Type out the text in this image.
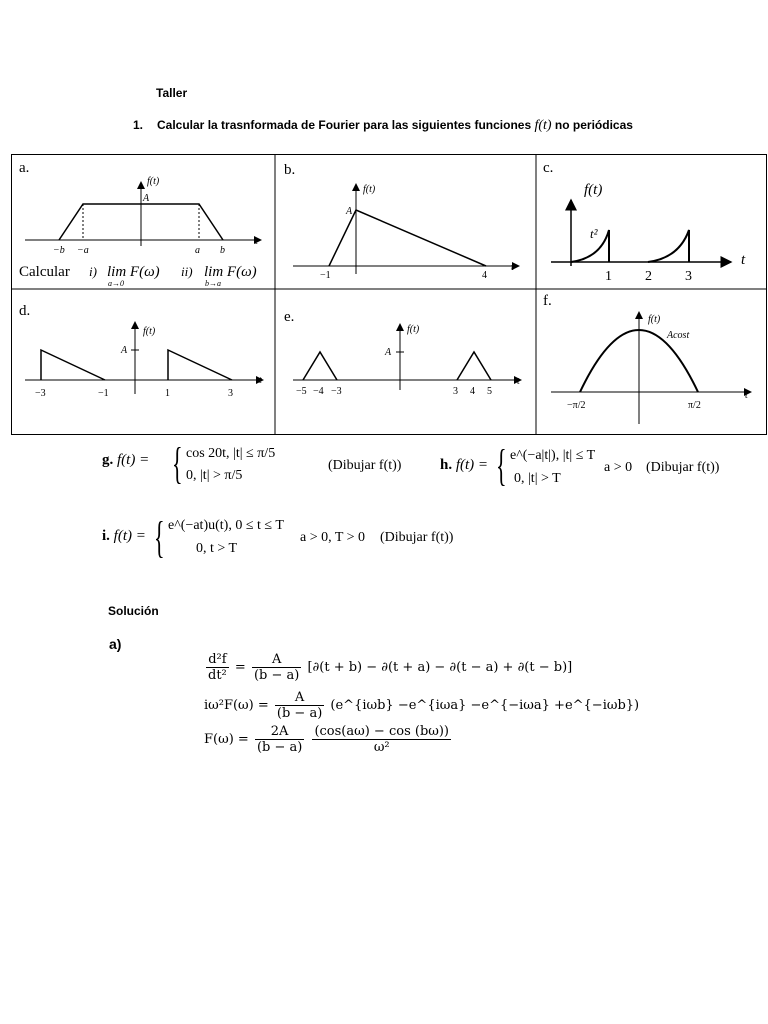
Taller
1. Calcular la trasnformada de Fourier para las siguientes funciones f(t) no periódicas
a.	b.	c.
d.	e.
f.
f(t)
A
t
−b −a	a b
Calcular i) lim F(ω)
a→0
ii) lim F(ω)
b→a
f(t)
A
t
−1	4
f(t)
t²
t
1 2 3
f(t)
A
t
−3	−1	1	3
f(t)
A
t
−5 −4 −3	3 4 5
f(t)
Acost
t
−π/2	π/2
g. f(t) = { cos 20t, |t| ≤ π/5
0, |t| > π/5
(Dibujar f(t))	h. f(t) = { e^(−a|t|), |t| ≤ T
0, |t| > T
a > 0 (Dibujar f(t))
i. f(t) = { e^(−at)u(t), 0 ≤ t ≤ T
0, t > T
a > 0, T > 0 (Dibujar f(t))
Solución
a)
$\frac{\text{d²f}}{\text{dt²}} = \frac{A}{(b - a)} [\partial(t + b) - \partial(t + a) - \partial(t - a) + \partial(t - b)]$
$i\omega^2F(\omega) = \frac{A}{(b - a)}$ (e^{iωb} −e^{iωa} −e^{−iωa} +e^{−iωb})
$F(\omega) = \frac{2A}{(b - a)}$
$\frac{(\cos(a\omega) - \cos (b\omega))}{\text{ω²}}$
